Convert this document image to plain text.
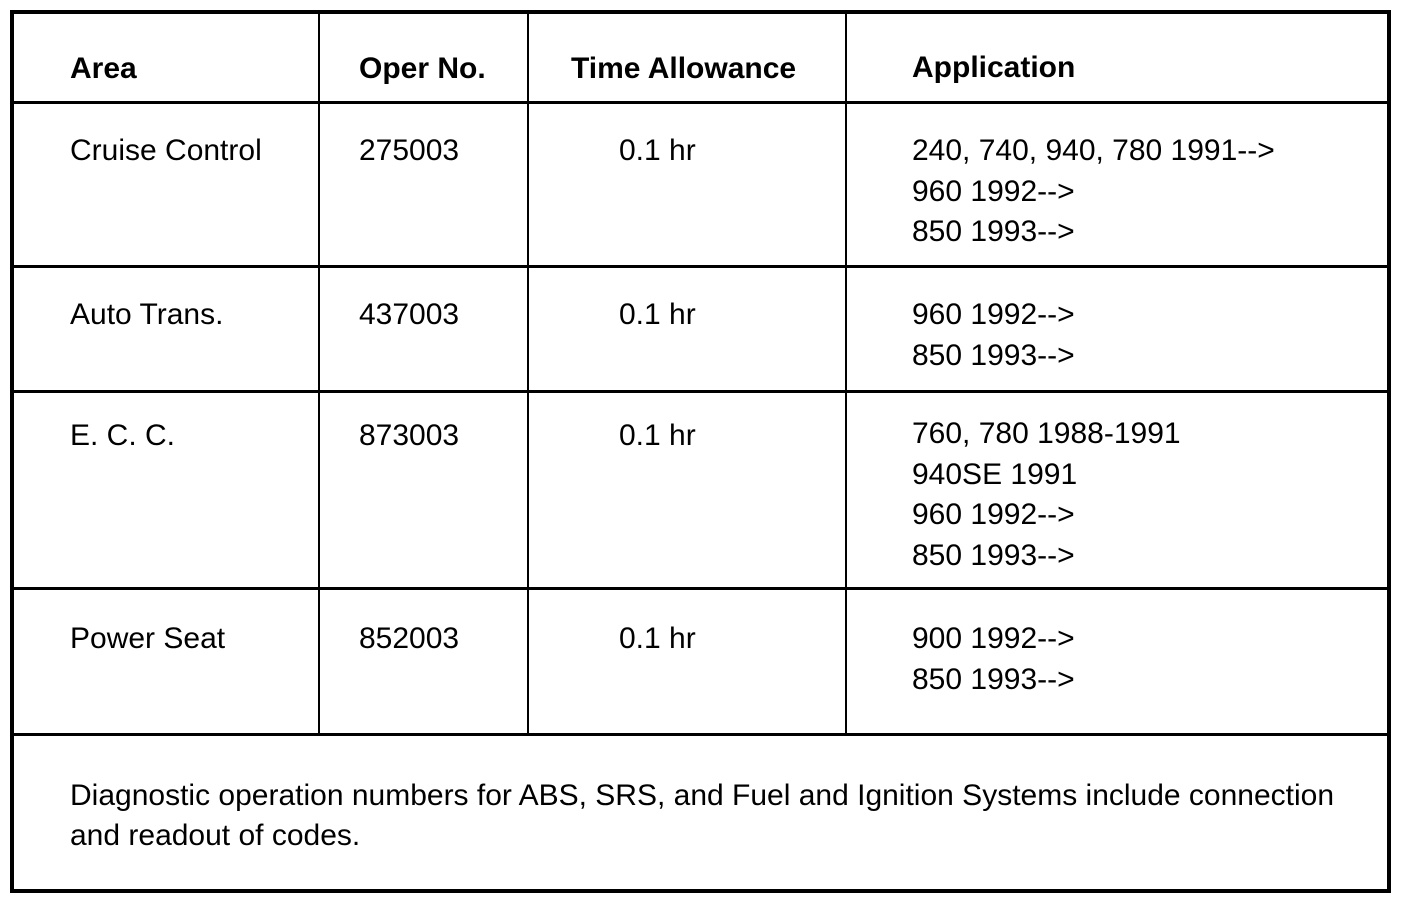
Area	Oper No.	Time Allowance	Application
Cruise Control	275003	0.1 hr	240, 740, 940, 780 1991-->
960 1992-->
850 1993-->
Auto Trans.	437003	0.1 hr	960 1992-->
850 1993-->
E. C. C.	873003	0.1 hr	760, 780 1988-1991
940SE 1991
960 1992-->
850 1993-->
Power Seat	852003	0.1 hr	900 1992-->
850 1993-->
Diagnostic operation numbers for ABS, SRS, and Fuel and Ignition Systems include connection and readout of codes.
